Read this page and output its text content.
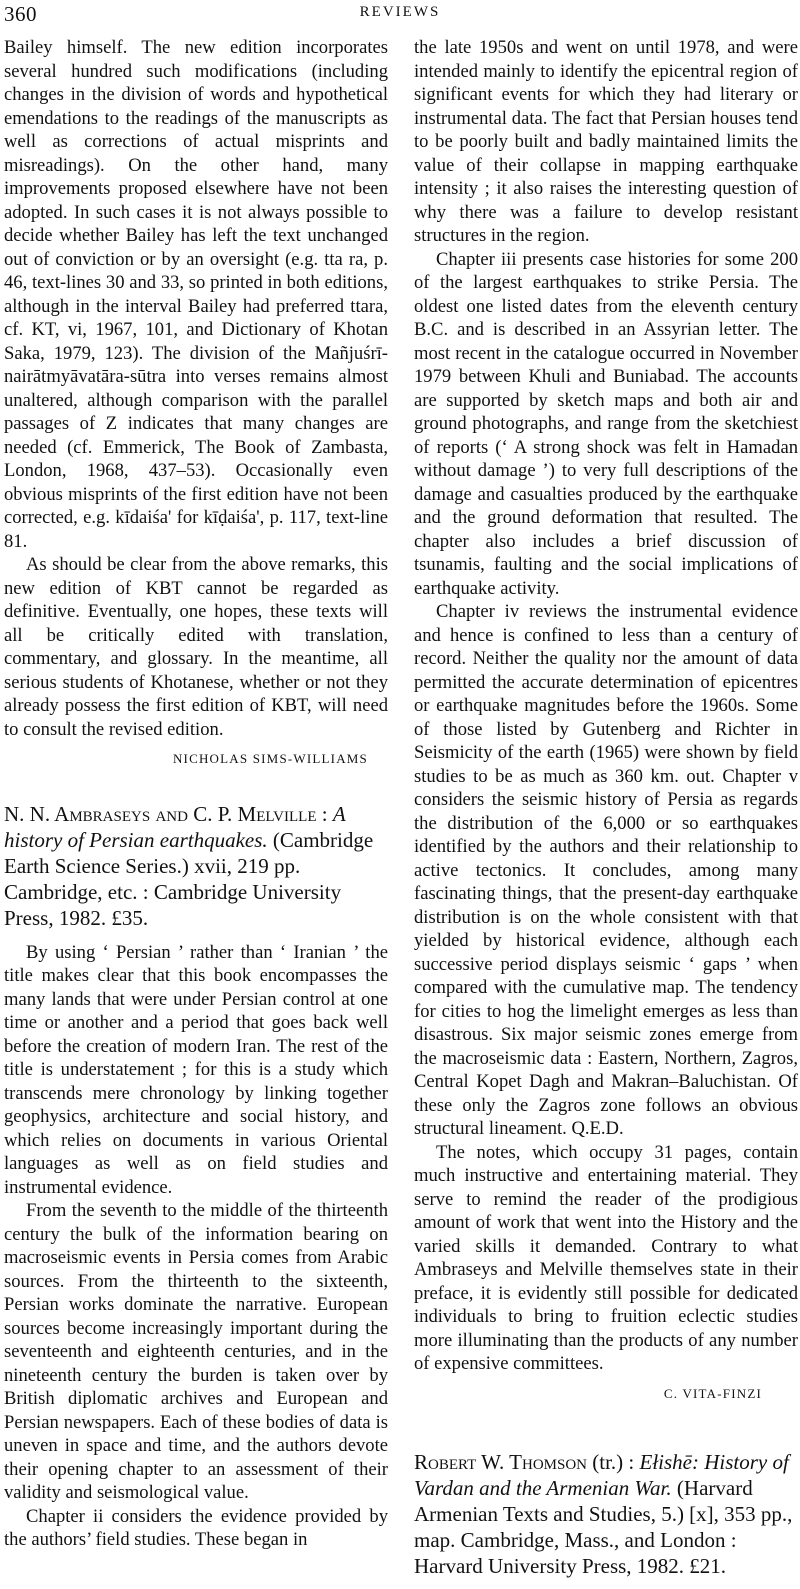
360	REVIEWS

Bailey himself. The new edition incorporates several hundred such modifications (including changes in the division of words and hypothetical emendations to the readings of the manuscripts as well as corrections of actual misprints and misreadings). On the other hand, many improvements proposed elsewhere have not been adopted. In such cases it is not always possible to decide whether Bailey has left the text unchanged out of conviction or by an oversight (e.g. tta ra, p. 46, text-lines 30 and 33, so printed in both editions, although in the interval Bailey had preferred ttara, cf. KT, vi, 1967, 101, and Dictionary of Khotan Saka, 1979, 123). The division of the Mañjuśrī-nairātmyāvatāra-sūtra into verses remains almost unaltered, although comparison with the parallel passages of Z indicates that many changes are needed (cf. Emmerick, The Book of Zambasta, London, 1968, 437–53). Occasionally even obvious misprints of the first edition have not been corrected, e.g. kīdaiśa' for kīḍaiśa', p. 117, text-line 81.

As should be clear from the above remarks, this new edition of KBT cannot be regarded as definitive. Eventually, one hopes, these texts will all be critically edited with translation, commentary, and glossary. In the meantime, all serious students of Khotanese, whether or not they already possess the first edition of KBT, will need to consult the revised edition.

NICHOLAS SIMS-WILLIAMS

N. N. Ambraseys and C. P. Melville : A history of Persian earthquakes. (Cambridge Earth Science Series.) xvii, 219 pp. Cambridge, etc. : Cambridge University Press, 1982. £35.

By using ‘ Persian ’ rather than ‘ Iranian ’ the title makes clear that this book encompasses the many lands that were under Persian control at one time or another and a period that goes back well before the creation of modern Iran. The rest of the title is understatement ; for this is a study which transcends mere chronology by linking together geophysics, architecture and social history, and which relies on documents in various Oriental languages as well as on field studies and instrumental evidence.

From the seventh to the middle of the thirteenth century the bulk of the information bearing on macroseismic events in Persia comes from Arabic sources. From the thirteenth to the sixteenth, Persian works dominate the narrative. European sources become increasingly important during the seventeenth and eighteenth centuries, and in the nineteenth century the burden is taken over by British diplomatic archives and European and Persian newspapers. Each of these bodies of data is uneven in space and time, and the authors devote their opening chapter to an assessment of their validity and seismological value.

Chapter ii considers the evidence provided by the authors’ field studies. These began in

the late 1950s and went on until 1978, and were intended mainly to identify the epicentral region of significant events for which they had literary or instrumental data. The fact that Persian houses tend to be poorly built and badly maintained limits the value of their collapse in mapping earthquake intensity ; it also raises the interesting question of why there was a failure to develop resistant structures in the region.

Chapter iii presents case histories for some 200 of the largest earthquakes to strike Persia. The oldest one listed dates from the eleventh century B.C. and is described in an Assyrian letter. The most recent in the catalogue occurred in November 1979 between Khuli and Buniabad. The accounts are supported by sketch maps and both air and ground photographs, and range from the sketchiest of reports (‘ A strong shock was felt in Hamadan without damage ’) to very full descriptions of the damage and casualties produced by the earthquake and the ground deformation that resulted. The chapter also includes a brief discussion of tsunamis, faulting and the social implications of earthquake activity.

Chapter iv reviews the instrumental evidence and hence is confined to less than a century of record. Neither the quality nor the amount of data permitted the accurate determination of epicentres or earthquake magnitudes before the 1960s. Some of those listed by Gutenberg and Richter in Seismicity of the earth (1965) were shown by field studies to be as much as 360 km. out. Chapter v considers the seismic history of Persia as regards the distribution of the 6,000 or so earthquakes identified by the authors and their relationship to active tectonics. It concludes, among many fascinating things, that the present-day earthquake distribution is on the whole consistent with that yielded by historical evidence, although each successive period displays seismic ‘ gaps ’ when compared with the cumulative map. The tendency for cities to hog the limelight emerges as less than disastrous. Six major seismic zones emerge from the macroseismic data : Eastern, Northern, Zagros, Central Kopet Dagh and Makran–Baluchistan. Of these only the Zagros zone follows an obvious structural lineament. Q.E.D.

The notes, which occupy 31 pages, contain much instructive and entertaining material. They serve to remind the reader of the prodigious amount of work that went into the History and the varied skills it demanded. Contrary to what Ambraseys and Melville themselves state in their preface, it is evidently still possible for dedicated individuals to bring to fruition eclectic studies more illuminating than the products of any number of expensive committees.

C. VITA-FINZI

Robert W. Thomson (tr.) : Ełishē: History of Vardan and the Armenian War. (Harvard Armenian Texts and Studies, 5.) [x], 353 pp., map. Cambridge, Mass., and London : Harvard University Press, 1982. £21.
